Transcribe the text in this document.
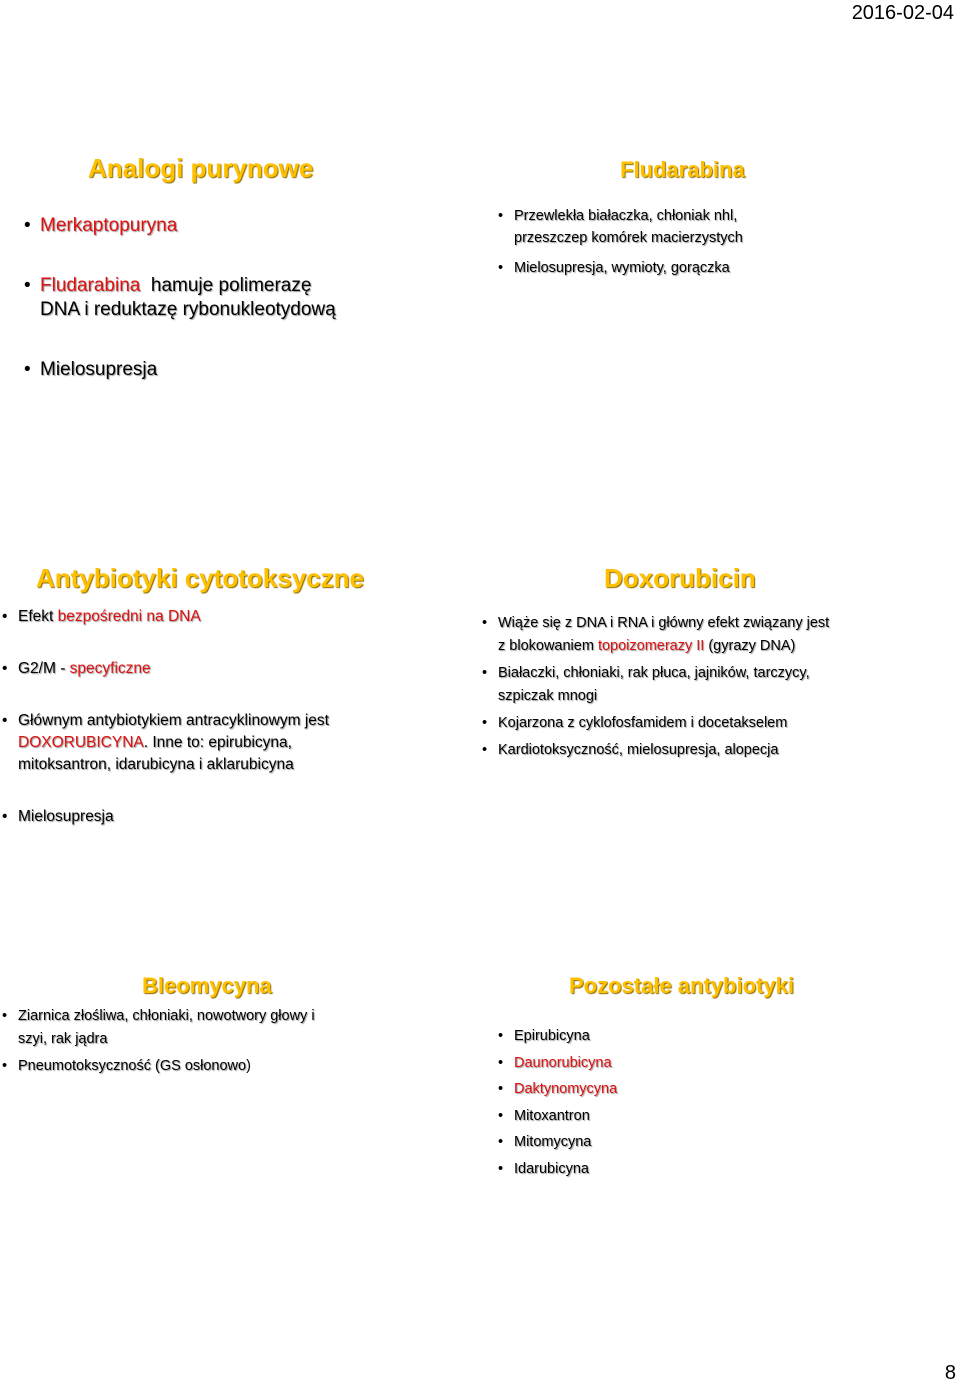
2016-02-04
Analogi purynowe
• Merkaptopuryna
• Fludarabina  hamuje polimerazę
DNA i reduktazę rybonukleotydową
• Mielosupresja
Fludarabina
• Przewlekła białaczka, chłoniak nhl,
przeszczep komórek macierzystych
• Mielosupresja, wymioty, gorączka
Antybiotyki cytotoksyczne
• Efekt bezpośredni na DNA
• G2/M - specyficzne
• Głównym antybiotykiem antracyklinowym jest
DOXORUBICYNA. Inne to: epirubicyna,
mitoksantron, idarubicyna i aklarubicyna
• Mielosupresja
Doxorubicin
• Wiąże się z DNA i RNA i główny efekt związany jest
z blokowaniem topoizomerazy II (gyrazy DNA)
• Białaczki, chłoniaki, rak płuca, jajników, tarczycy,
szpiczak mnogi
• Kojarzona z cyklofosfamidem i docetakselem
• Kardiotoksyczność, mielosupresja, alopecja
Bleomycyna
• Ziarnica złośliwa, chłoniaki, nowotwory głowy i
szyi, rak jądra
• Pneumotoksyczność (GS osłonowo)
Pozostałe antybiotyki
• Epirubicyna
• Daunorubicyna
• Daktynomycyna
• Mitoxantron
• Mitomycyna
• Idarubicyna
8
